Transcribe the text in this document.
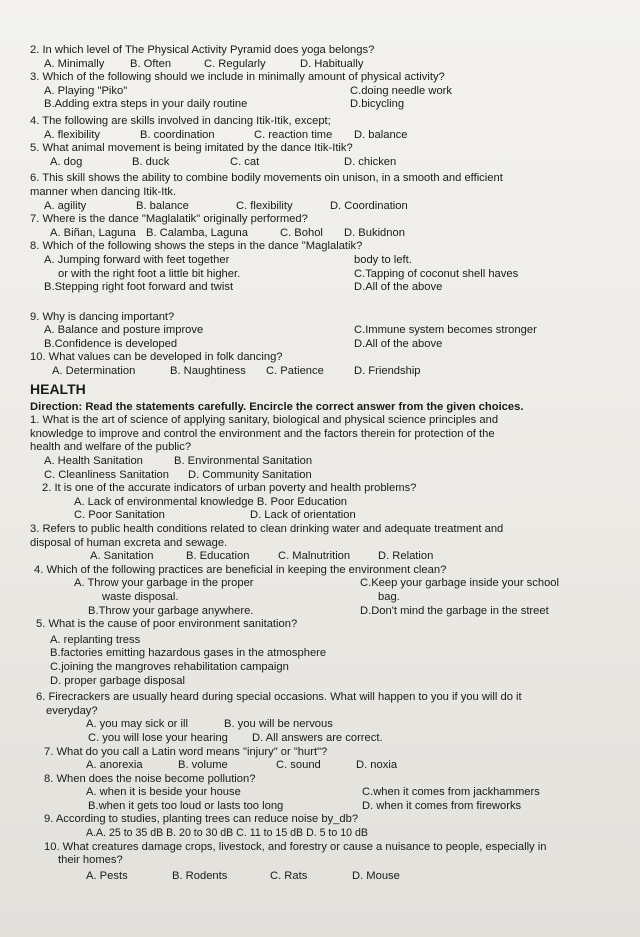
2. In which level of The Physical Activity Pyramid does yoga belongs?

A. Minimally	B. Often	C. Regularly	D. Habitually

3. Which of the following should we include in minimally amount of physical activity?

A. Playing "Piko"	C.doing needle work
B.Adding extra steps in your daily routine	D.bicycling

4. The following are skills involved in dancing Itik-Itik, except;

A. flexibility	B. coordination	C. reaction time	D. balance

5. What animal movement is being imitated by the dance Itik-Itik?

A. dog	B. duck	C. cat	D. chicken

6. This skill shows the ability to combine bodily movements oin unison, in a smooth and efficient

manner when dancing Itik-Itk.

A. agility	B. balance	C. flexibility	D. Coordination

7. Where is the dance "Maglalatik" originally performed?

A. Biñan, Laguna B. Calamba, Laguna	C. Bohol	D. Bukidnon

8. Which of the following shows the steps in the dance "Maglalatik?

A. Jumping forward with feet together	body to left.
or with the right foot a little bit higher.	C.Tapping of coconut shell haves
B.Stepping right foot forward and twist	D.All of the above

9. Why is dancing important?

A. Balance and posture improve	C.Immune system becomes stronger
B.Confidence is developed	D.All of the above

10. What values can be developed in folk dancing?

A. Determination	B. Naughtiness	C. Patience	D. Friendship
HEALTH

Direction: Read the statements carefully. Encircle the correct answer from the given choices.

1. What is the art of science of applying sanitary, biological and physical science principles and

knowledge to improve and control the environment and the factors therein for protection of the

health and welfare of the public?

A. Health Sanitation	B. Environmental Sanitation
C. Cleanliness Sanitation	D. Community Sanitation

2. It is one of the accurate indicators of urban poverty and health problems?

A. Lack of environmental knowledge B. Poor Education
C. Poor Sanitation	D. Lack of orientation

3. Refers to public health conditions related to clean drinking water and adequate treatment and

disposal of human excreta and sewage.

A. Sanitation	B. Education	C. Malnutrition	D. Relation

4. Which of the following practices are beneficial in keeping the environment clean?

A. Throw your garbage in the proper	C.Keep your garbage inside your school
waste disposal.	bag.
B.Throw your garbage anywhere.	D.Don't mind the garbage in the street

5. What is the cause of poor environment sanitation?

A. replanting tress
B.factories emitting hazardous gases in the atmosphere
C.joining the mangroves rehabilitation campaign
D. proper garbage disposal

6. Firecrackers are usually heard during special occasions. What will happen to you if you will do it

everyday?

A. you may sick or ill	B. you will be nervous
C. you will lose your hearing	D. All answers are correct.

7. What do you call a Latin word means "injury" or "hurt"?

A. anorexia	B. volume	C. sound	D. noxia

8. When does the noise become pollution?

A. when it is beside your house	C.when it comes from jackhammers
B.when it gets too loud or lasts too long	D. when it comes from fireworks

9. According to studies, planting trees can reduce noise by_db?

A.A. 25 to 35 dB B. 20 to 30 dB C. 11 to 15 dB D. 5 to 10 dB

10. What creatures damage crops, livestock, and forestry or cause a nuisance to people, especially in

their homes?

A. Pests	B. Rodents	C. Rats	D. Mouse
